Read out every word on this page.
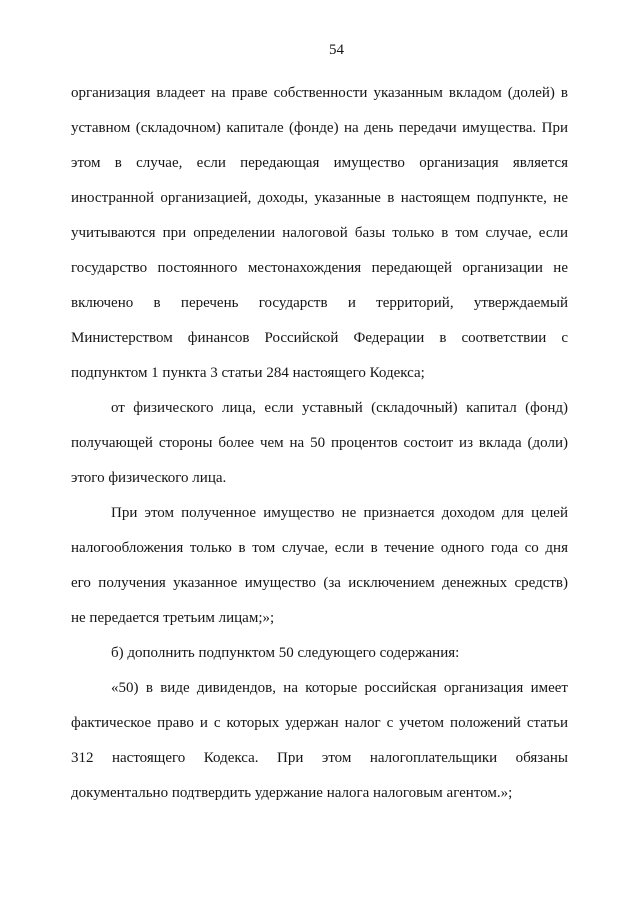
54
организация владеет на праве собственности указанным вкладом (долей) в
уставном (складочном) капитале (фонде) на день передачи имущества. При
этом в случае, если передающая имущество организация является
иностранной организацией, доходы, указанные в настоящем подпункте, не
учитываются при определении налоговой базы только в том случае, если
государство постоянного местонахождения передающей организации не
включено в перечень государств и территорий, утверждаемый
Министерством финансов Российской Федерации в соответствии с
подпунктом 1 пункта 3 статьи 284 настоящего Кодекса;
от физического лица, если уставный (складочный) капитал (фонд)
получающей стороны более чем на 50 процентов состоит из вклада (доли)
этого физического лица.
При этом полученное имущество не признается доходом для целей
налогообложения только в том случае, если в течение одного года со дня
его получения указанное имущество (за исключением денежных средств)
не передается третьим лицам;»;
б) дополнить подпунктом 50 следующего содержания:
«50) в виде дивидендов, на которые российская организация имеет
фактическое право и с которых удержан налог с учетом положений статьи
312 настоящего Кодекса. При этом налогоплательщики обязаны
документально подтвердить удержание налога налоговым агентом.»;
